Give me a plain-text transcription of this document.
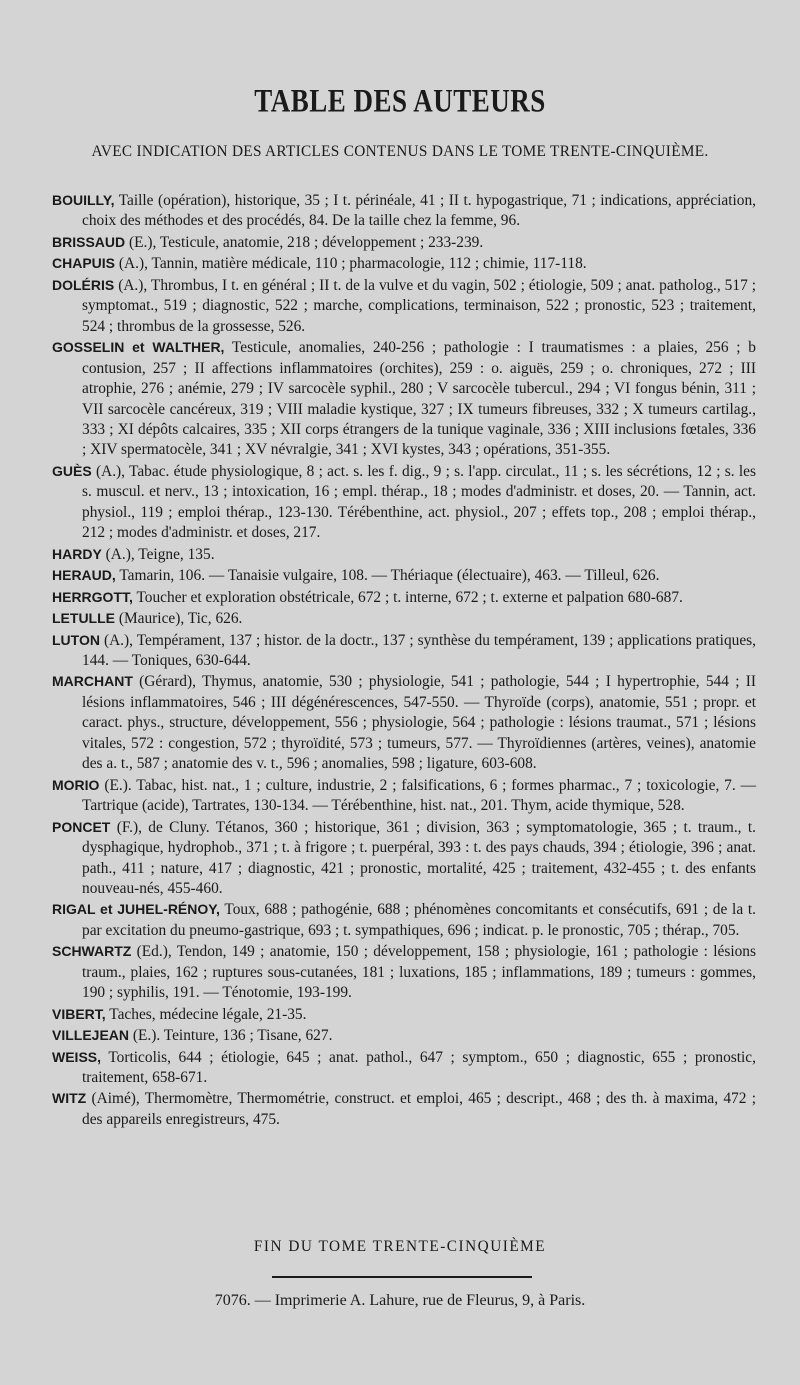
TABLE DES AUTEURS
AVEC INDICATION DES ARTICLES CONTENUS DANS LE TOME TRENTE-CINQUIÈME.
BOUILLY, Taille (opération), historique, 35 ; I t. périnéale, 41 ; II t. hypogastrique, 71 ; indications, appréciation, choix des méthodes et des procédés, 84. De la taille chez la femme, 96.
BRISSAUD (E.), Testicule, anatomie, 218 ; développement ; 233-239.
CHAPUIS (A.), Tannin, matière médicale, 110 ; pharmacologie, 112 ; chimie, 117-118.
DOLÉRIS (A.), Thrombus, I t. en général ; II t. de la vulve et du vagin, 502 ; étiologie, 509 ; anat. patholog., 517 ; symptomat., 519 ; diagnostic, 522 ; marche, complications, terminaison, 522 ; pronostic, 523 ; traitement, 524 ; thrombus de la grossesse, 526.
GOSSELIN et WALTHER, Testicule, anomalies, 240-256 ; pathologie : I traumatismes : a plaies, 256 ; b contusion, 257 ; II affections inflammatoires (orchites), 259 : o. aiguës, 259 ; o. chroniques, 272 ; III atrophie, 276 ; anémie, 279 ; IV sarcocèle syphil., 280 ; V sarcocèle tubercul., 294 ; VI fongus bénin, 311 ; VII sarcocèle cancéreux, 319 ; VIII maladie kystique, 327 ; IX tumeurs fibreuses, 332 ; X tumeurs cartilag., 333 ; XI dépôts calcaires, 335 ; XII corps étrangers de la tunique vaginale, 336 ; XIII inclusions fœtales, 336 ; XIV spermatocèle, 341 ; XV névralgie, 341 ; XVI kystes, 343 ; opérations, 351-355.
GUÈS (A.), Tabac. étude physiologique, 8 ; act. s. les f. dig., 9 ; s. l'app. circulat., 11 ; s. les sécrétions, 12 ; s. les s. muscul. et nerv., 13 ; intoxication, 16 ; empl. thérap., 18 ; modes d'administr. et doses, 20. — Tannin, act. physiol., 119 ; emploi thérap., 123-130. Térébenthine, act. physiol., 207 ; effets top., 208 ; emploi thérap., 212 ; modes d'administr. et doses, 217.
HARDY (A.), Teigne, 135.
HERAUD, Tamarin, 106. — Tanaisie vulgaire, 108. — Thériaque (électuaire), 463. — Tilleul, 626.
HERRGOTT, Toucher et exploration obstétricale, 672 ; t. interne, 672 ; t. externe et palpation 680-687.
LETULLE (Maurice), Tic, 626.
LUTON (A.), Tempérament, 137 ; histor. de la doctr., 137 ; synthèse du tempérament, 139 ; applications pratiques, 144. — Toniques, 630-644.
MARCHANT (Gérard), Thymus, anatomie, 530 ; physiologie, 541 ; pathologie, 544 ; I hypertrophie, 544 ; II lésions inflammatoires, 546 ; III dégénérescences, 547-550. — Thyroïde (corps), anatomie, 551 ; propr. et caract. phys., structure, développement, 556 ; physiologie, 564 ; pathologie : lésions traumat., 571 ; lésions vitales, 572 : congestion, 572 ; thyroïdité, 573 ; tumeurs, 577. — Thyroïdiennes (artères, veines), anatomie des a. t., 587 ; anatomie des v. t., 596 ; anomalies, 598 ; ligature, 603-608.
MORIO (E.). Tabac, hist. nat., 1 ; culture, industrie, 2 ; falsifications, 6 ; formes pharmac., 7 ; toxicologie, 7. — Tartrique (acide), Tartrates, 130-134. — Térébenthine, hist. nat., 201. Thym, acide thymique, 528.
PONCET (F.), de Cluny. Tétanos, 360 ; historique, 361 ; division, 363 ; symptomatologie, 365 ; t. traum., t. dysphagique, hydrophob., 371 ; t. à frigore ; t. puerpéral, 393 : t. des pays chauds, 394 ; étiologie, 396 ; anat. path., 411 ; nature, 417 ; diagnostic, 421 ; pronostic, mortalité, 425 ; traitement, 432-455 ; t. des enfants nouveau-nés, 455-460.
RIGAL et JUHEL-RÉNOY, Toux, 688 ; pathogénie, 688 ; phénomènes concomitants et consécutifs, 691 ; de la t. par excitation du pneumo-gastrique, 693 ; t. sympathiques, 696 ; indicat. p. le pronostic, 705 ; thérap., 705.
SCHWARTZ (Ed.), Tendon, 149 ; anatomie, 150 ; développement, 158 ; physiologie, 161 ; pathologie : lésions traum., plaies, 162 ; ruptures sous-cutanées, 181 ; luxations, 185 ; inflammations, 189 ; tumeurs : gommes, 190 ; syphilis, 191. — Ténotomie, 193-199.
VIBERT, Taches, médecine légale, 21-35.
VILLEJEAN (E.). Teinture, 136 ; Tisane, 627.
WEISS, Torticolis, 644 ; étiologie, 645 ; anat. pathol., 647 ; symptom., 650 ; diagnostic, 655 ; pronostic, traitement, 658-671.
WITZ (Aimé), Thermomètre, Thermométrie, construct. et emploi, 465 ; descript., 468 ; des th. à maxima, 472 ; des appareils enregistreurs, 475.
FIN DU TOME TRENTE-CINQUIÈME
7076. — Imprimerie A. Lahure, rue de Fleurus, 9, à Paris.
